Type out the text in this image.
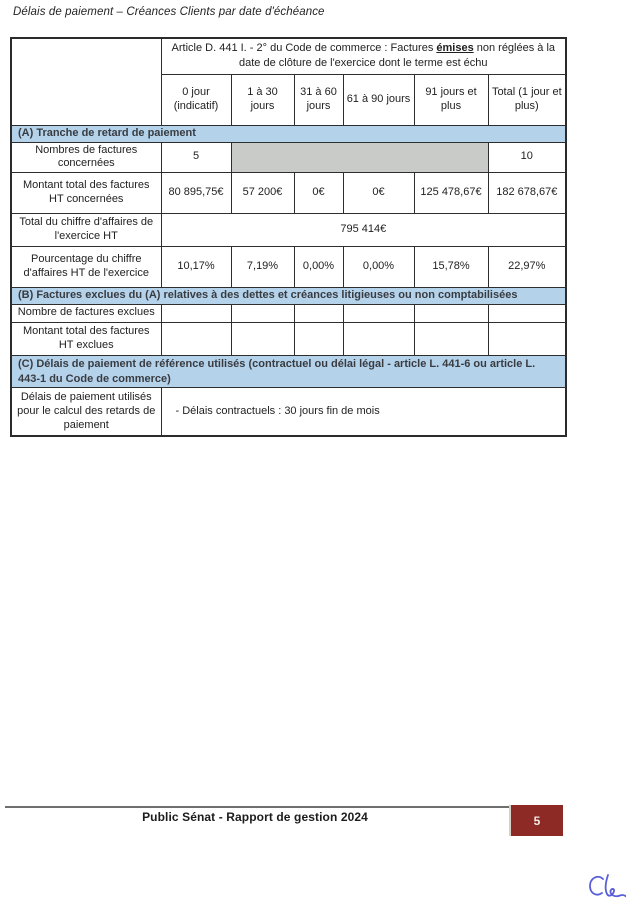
Délais de paiement – Créances Clients par date d'échéance
	Article D. 441 I. - 2° du Code de commerce : Factures émises non réglées à la date de clôture de l'exercice dont le terme est échu					
	0 jour (indicatif)	1 à 30 jours	31 à 60 jours	61 à 90 jours	91 jours et plus	Total (1 jour et plus)
(A) Tranche de retard de paiement						
Nombres de factures concernées	5					10
Montant total des factures HT concernées	80 895,75€	57 200€	0€	0€	125 478,67€	182 678,67€
Total du chiffre d'affaires de l'exercice HT	795 414€					
Pourcentage du chiffre d'affaires HT de l'exercice	10,17%	7,19%	0,00%	0,00%	15,78%	22,97%
(B) Factures exclues du (A) relatives à des dettes et créances litigieuses ou non comptabilisées						
Nombre de factures exclues						
Montant total des factures HT exclues						
(C) Délais de paiement de référence utilisés (contractuel ou délai légal - article L. 441-6 ou article L. 443-1 du Code de commerce)						
Délais de paiement utilisés pour le calcul des retards de paiement	- Délais contractuels : 30 jours fin de mois					
Public Sénat - Rapport de gestion 2024	5
